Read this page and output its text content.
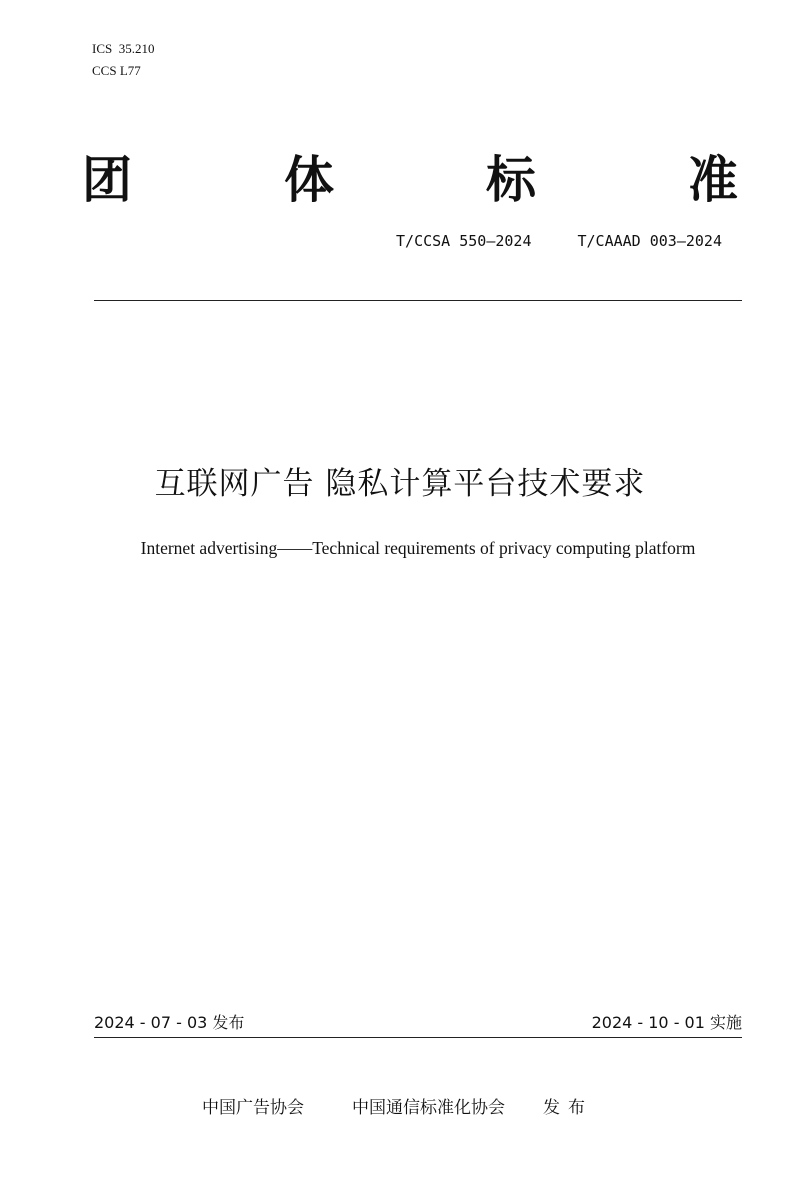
ICS  35.210
CCS L77
团	体	标	准
T/CCSA 550—2024	T/CAAAD 003—2024
互联网广告 隐私计算平台技术要求
Internet advertising——Technical requirements of privacy computing platform
2024 - 07 - 03 发布	2024 - 10 - 01 实施
中国广告协会	中国通信标准化协会 发布
